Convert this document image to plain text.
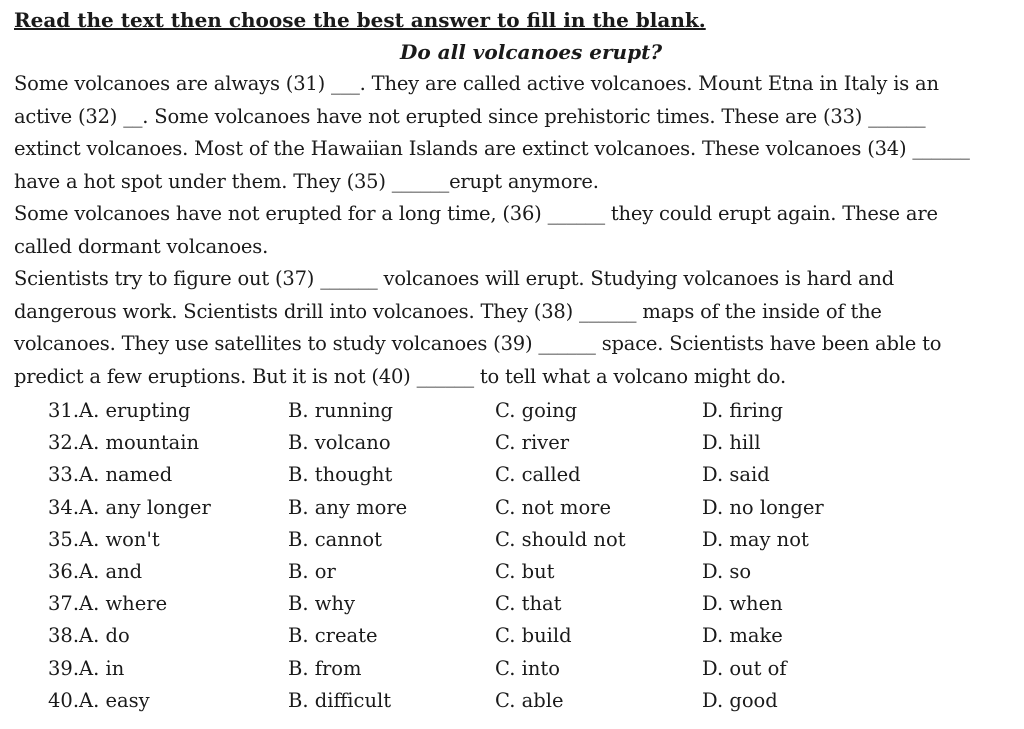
Read the text then choose the best answer to fill in the blank.
Do all volcanoes erupt?
Some volcanoes are always (31) ___. They are called active volcanoes. Mount Etna in Italy is an
active (32) __. Some volcanoes have not erupted since prehistoric times. These are (33) ______
extinct volcanoes. Most of the Hawaiian Islands are extinct volcanoes. These volcanoes (34) ______
have a hot spot under them. They (35) ______erupt anymore.
Some volcanoes have not erupted for a long time, (36) ______ they could erupt again. These are
called dormant volcanoes.
Scientists try to figure out (37) ______ volcanoes will erupt. Studying volcanoes is hard and
dangerous work. Scientists drill into volcanoes. They (38) ______ maps of the inside of the
volcanoes. They use satellites to study volcanoes (39) ______ space. Scientists have been able to
predict a few eruptions. But it is not (40) ______ to tell what a volcano might do.
31.A. erupting	B. running	C. going	D. firing
32.A. mountain	B. volcano	C. river	D. hill
33.A. named	B. thought	C. called	D. said
34.A. any longer	B. any more	C. not more	D. no longer
35.A. won't	B. cannot	C. should not	D. may not
36.A. and	B. or	C. but	D. so
37.A. where	B. why	C. that	D. when
38.A. do	B. create	C. build	D. make
39.A. in	B. from	C. into	D. out of
40.A. easy	B. difficult	C. able	D. good
